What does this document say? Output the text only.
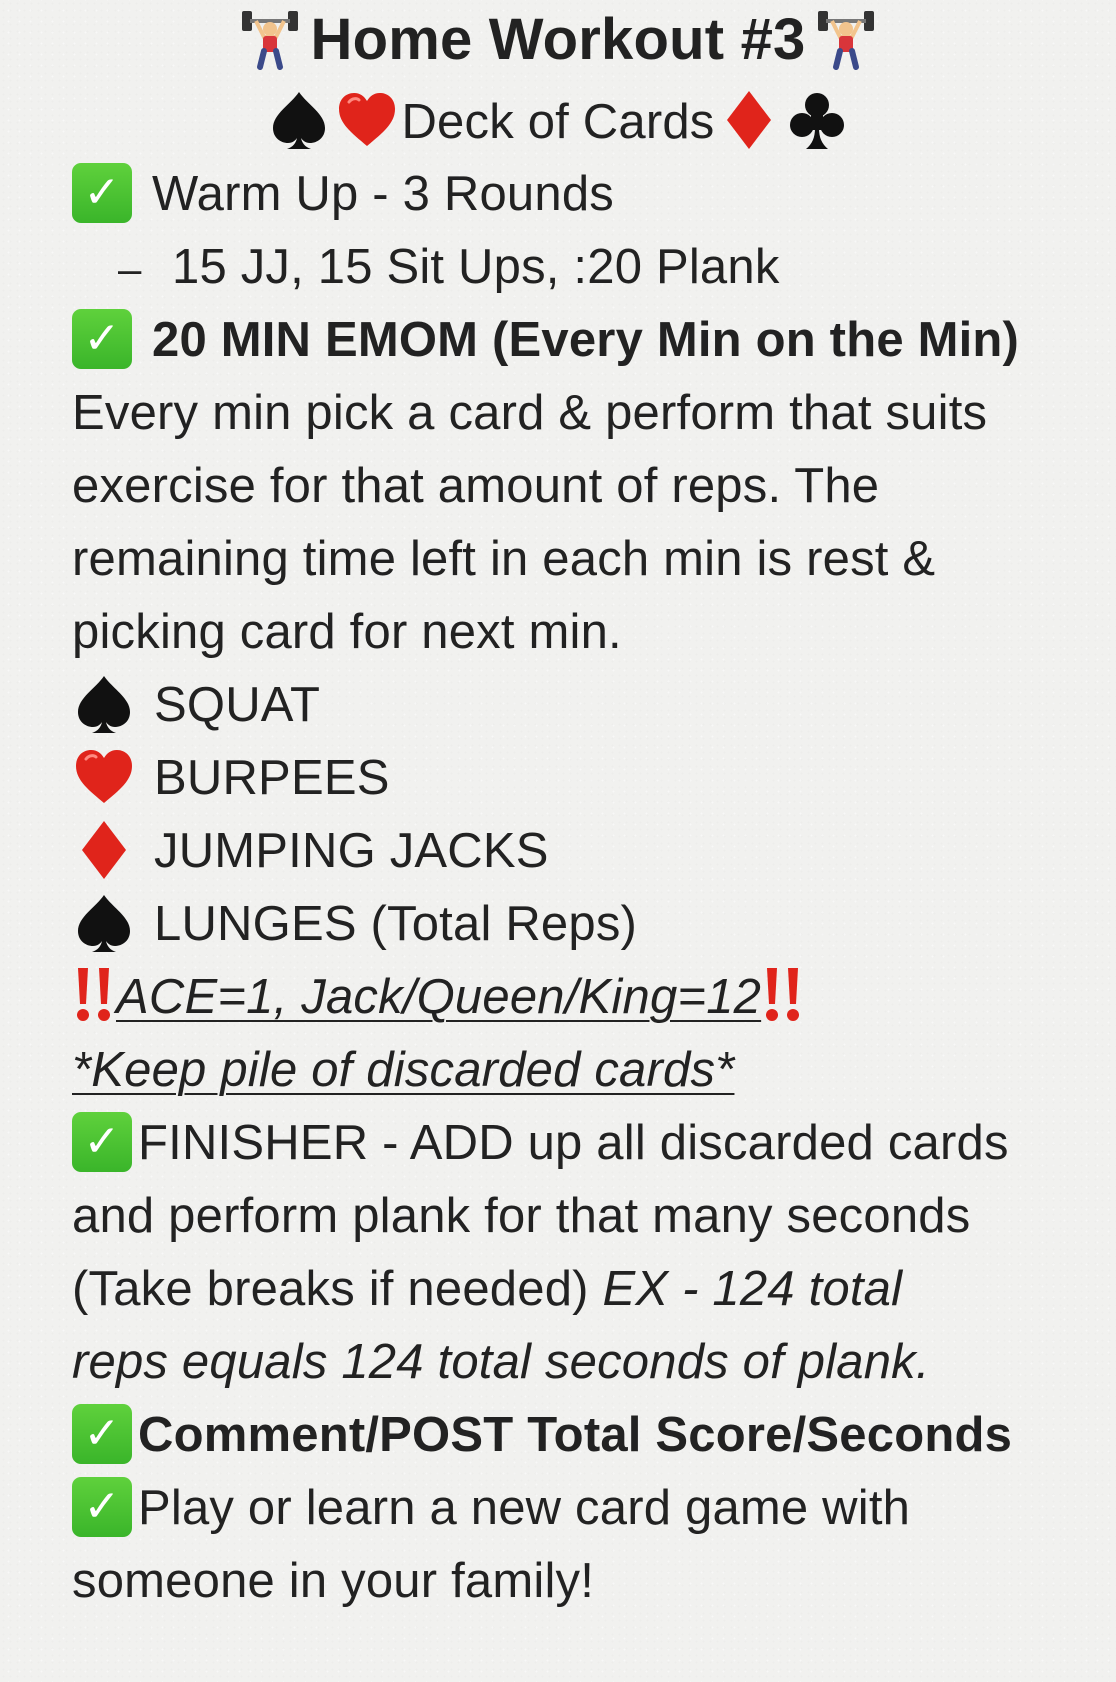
Home Workout #3
Deck of Cards
✓ Warm Up - 3 Rounds
– 15 JJ, 15 Sit Ups, :20 Plank
✓ 20 MIN EMOM (Every Min on the Min)
Every min pick a card & perform that suits
exercise for that amount of reps. The
remaining time left in each min is rest &
picking card for next min.
SQUAT
BURPEES
JUMPING JACKS
LUNGES (Total Reps)
ACE=1, Jack/Queen/King=12
*Keep pile of discarded cards*
✓ FINISHER - ADD up all discarded cards
and perform plank for that many seconds
(Take breaks if needed) EX - 124 total
reps equals 124 total seconds of plank.
✓ Comment/POST Total Score/Seconds
✓ Play or learn a new card game with
someone in your family!
